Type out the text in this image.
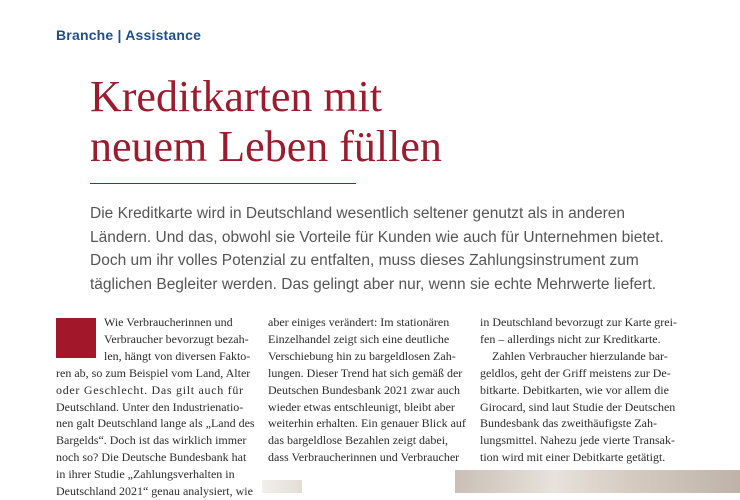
Branche | Assistance
Kreditkarten mit
neuem Leben füllen
Die Kreditkarte wird in Deutschland wesentlich seltener genutzt als in anderen
Ländern. Und das, obwohl sie Vorteile für Kunden wie auch für Unternehmen bietet.
Doch um ihr volles Potenzial zu entfalten, muss dieses Zahlungsinstrument zum
täglichen Begleiter werden. Das gelingt aber nur, wenn sie echte Mehrwerte liefert.
Wie Verbraucherinnen und
Verbraucher bevorzugt bezah-
len, hängt von diversen Fakto-
ren ab, so zum Beispiel vom Land, Alter
oder Geschlecht. Das gilt auch für
Deutschland. Unter den Industrienatio-
nen galt Deutschland lange als „Land des
Bargelds“. Doch ist das wirklich immer
noch so? Die Deutsche Bundesbank hat
in ihrer Studie „Zahlungsverhalten in
Deutschland 2021“ genau analysiert, wie
aber einiges verändert: Im stationären
Einzelhandel zeigt sich eine deutliche
Verschiebung hin zu bargeldlosen Zah-
lungen. Dieser Trend hat sich gemäß der
Deutschen Bundesbank 2021 zwar auch
wieder etwas entschleunigt, bleibt aber
weiterhin erhalten. Ein genauer Blick auf
das bargeldlose Bezahlen zeigt dabei,
dass Verbraucherinnen und Verbraucher
in Deutschland bevorzugt zur Karte grei-
fen – allerdings nicht zur Kreditkarte.
Zahlen Verbraucher hierzulande bar-
geldlos, geht der Griff meistens zur De-
bitkarte. Debitkarten, wie vor allem die
Girocard, sind laut Studie der Deutschen
Bundesbank das zweithäufigste Zah-
lungsmittel. Nahezu jede vierte Transak-
tion wird mit einer Debitkarte getätigt.
